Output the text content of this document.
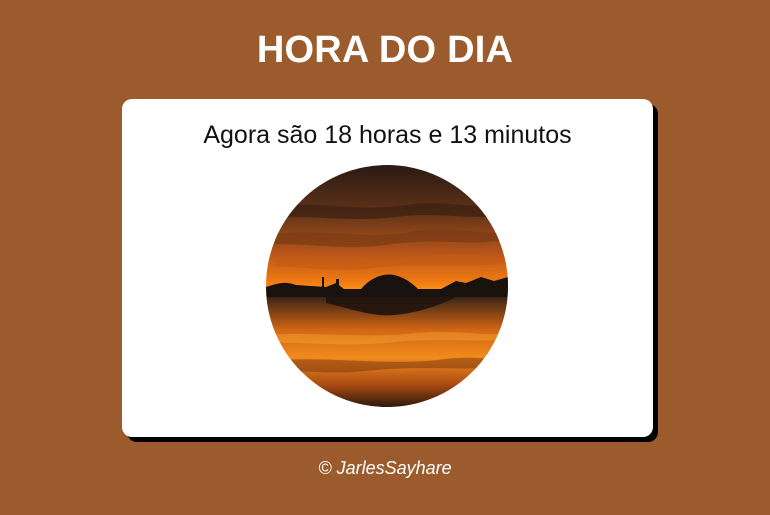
HORA DO DIA

Agora são 18 horas e 13 minutos

© JarlesSayhare
